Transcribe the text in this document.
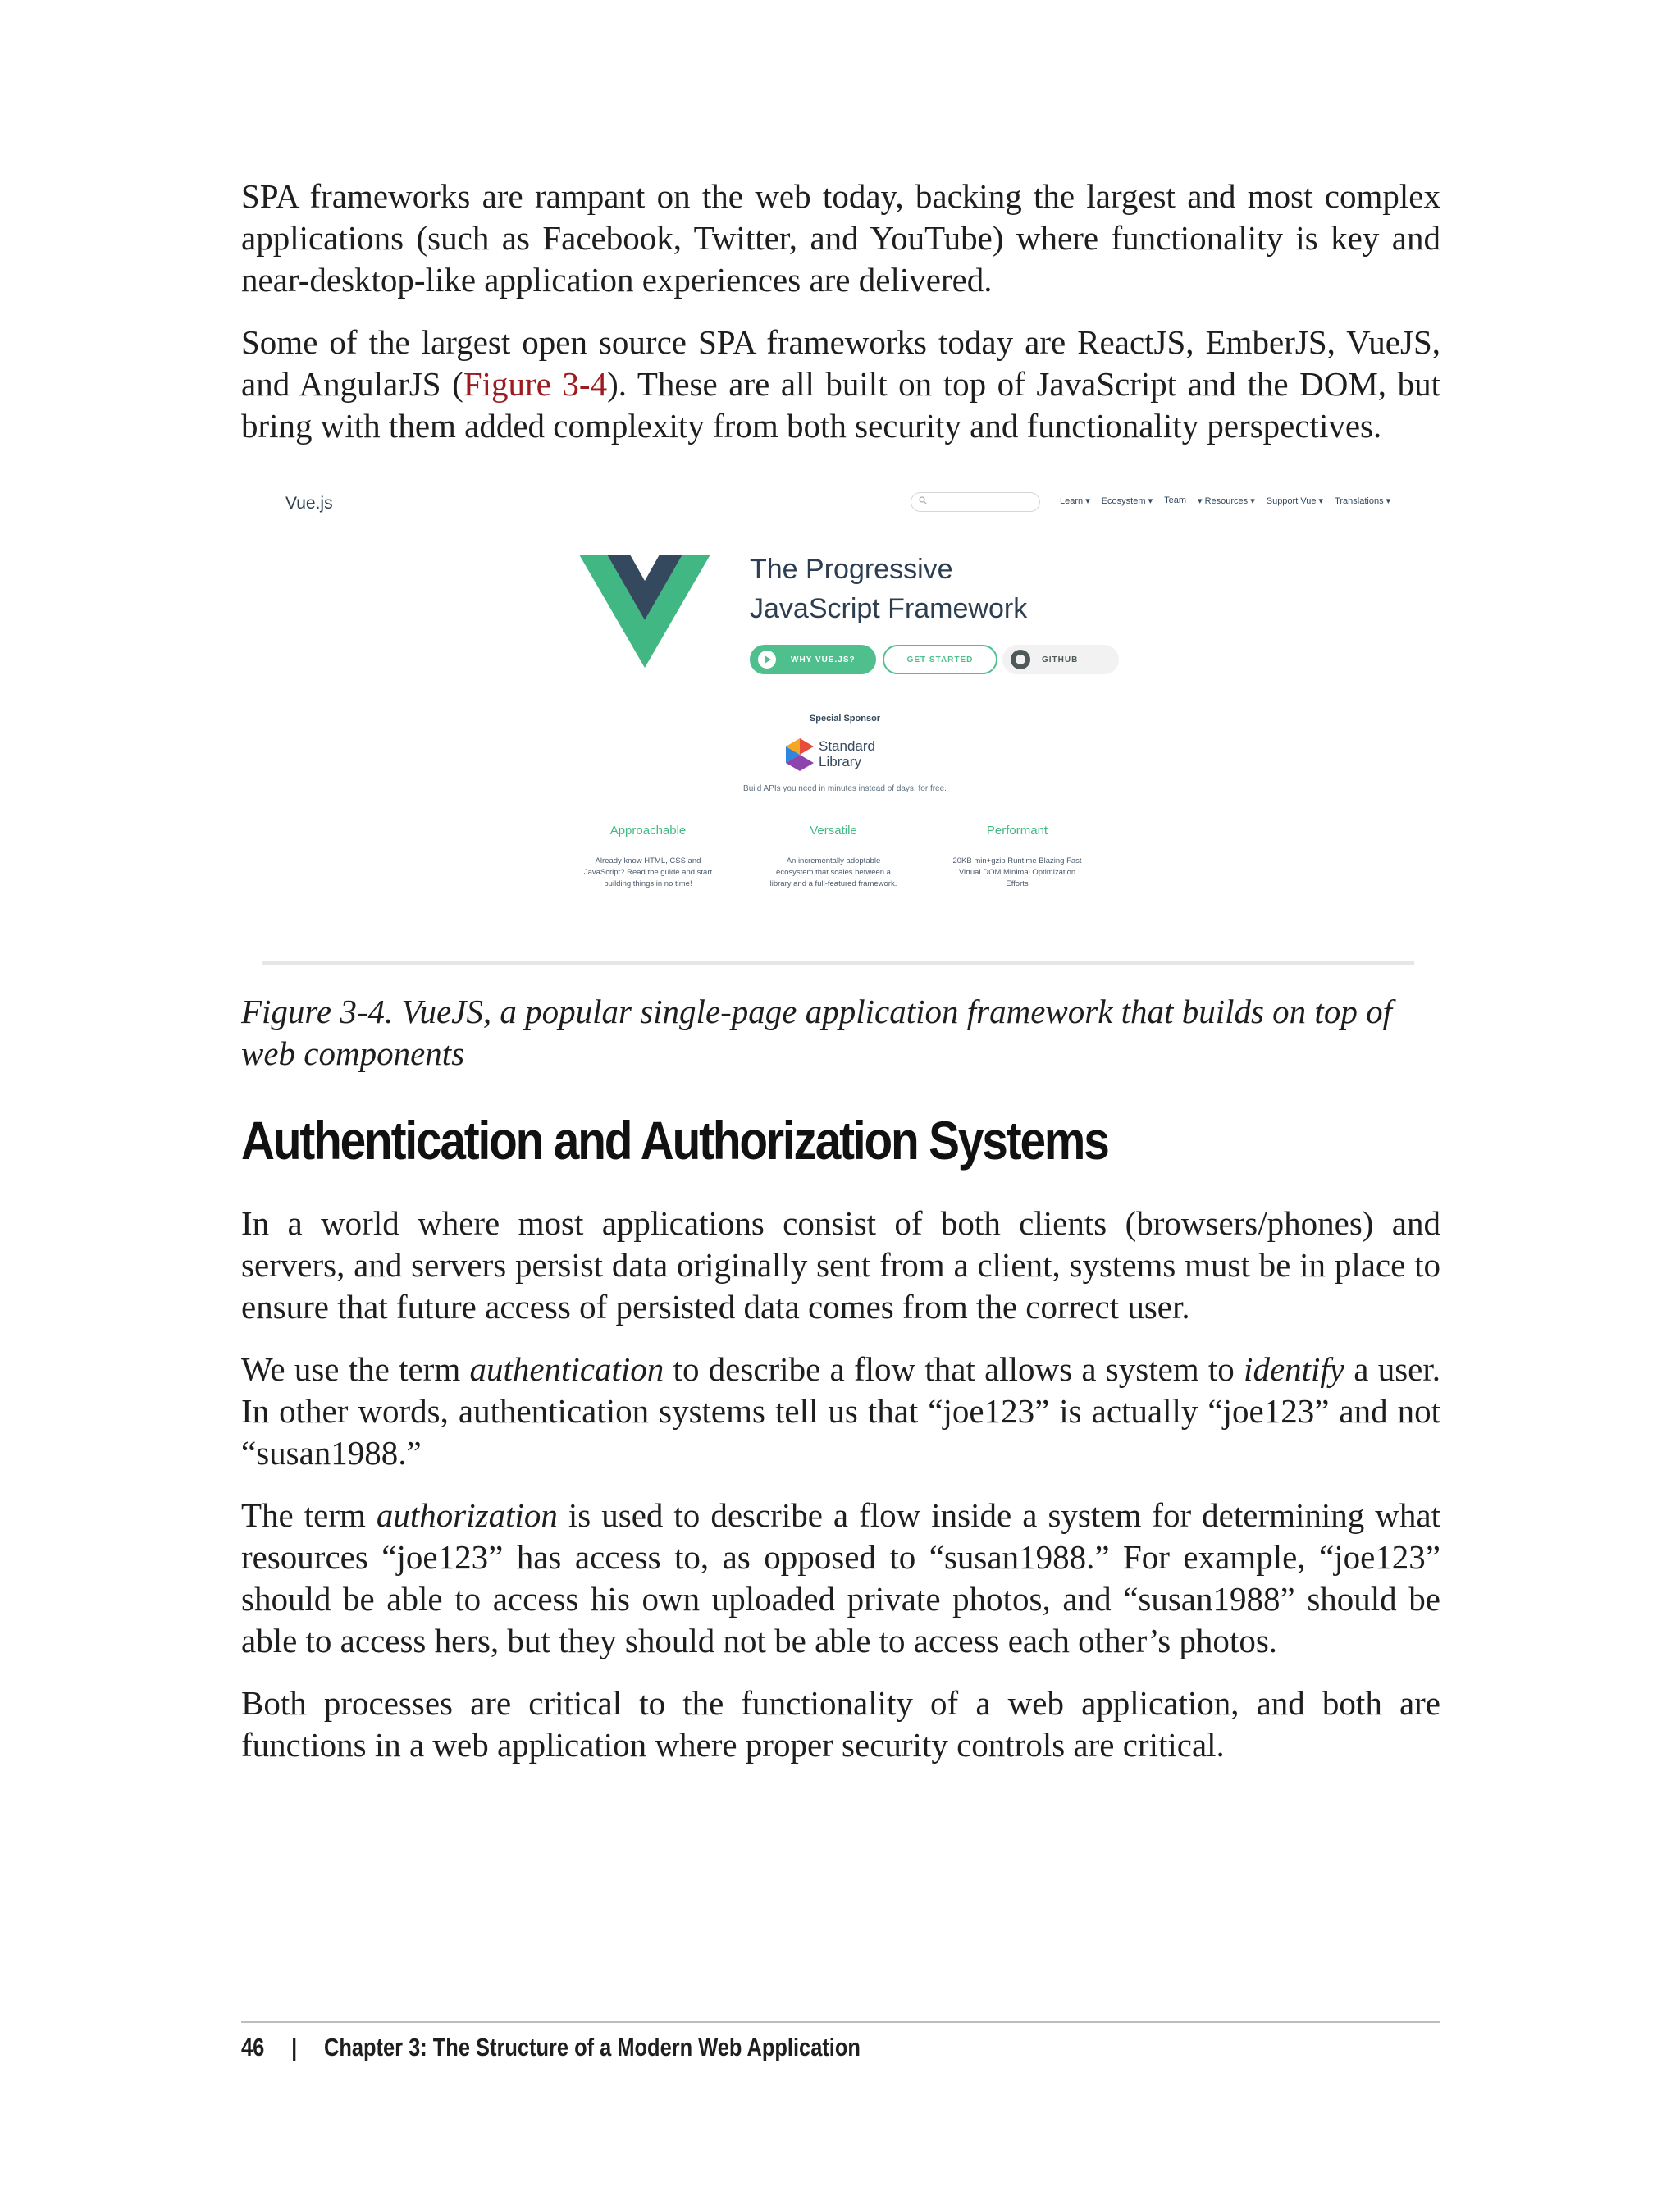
SPA frameworks are rampant on the web today, backing the largest and most complex applications (such as Facebook, Twitter, and YouTube) where functionality is key and near-desktop-like application experiences are delivered.

Some of the largest open source SPA frameworks today are ReactJS, EmberJS, VueJS, and AngularJS (Figure 3-4). These are all built on top of JavaScript and the DOM, but bring with them added complexity from both security and functionality perspectives.

Vue.js	Learn ▾ Ecosystem ▾ Team ▾ Resources ▾ Support Vue ▾ Translations ▾
The Progressive
JavaScript Framework
WHY VUE.JS?	GET STARTED	GITHUB
Special Sponsor
Standard
Library
Build APIs you need in minutes instead of days, for free.
Approachable
Already know HTML, CSS and JavaScript? Read the guide and start building things in no time!
Versatile
An incrementally adoptable ecosystem that scales between a library and a full-featured framework.
Performant
20KB min+gzip Runtime Blazing Fast Virtual DOM Minimal Optimization Efforts

Figure 3-4. VueJS, a popular single-page application framework that builds on top of web components

Authentication and Authorization Systems

In a world where most applications consist of both clients (browsers/phones) and servers, and servers persist data originally sent from a client, systems must be in place to ensure that future access of persisted data comes from the correct user.

We use the term authentication to describe a flow that allows a system to identify a user. In other words, authentication systems tell us that “joe123” is actually “joe123” and not “susan1988.”

The term authorization is used to describe a flow inside a system for determining what resources “joe123” has access to, as opposed to “susan1988.” For example, “joe123” should be able to access his own uploaded private photos, and “susan1988” should be able to access hers, but they should not be able to access each other’s photos.

Both processes are critical to the functionality of a web application, and both are functions in a web application where proper security controls are critical.

46 | Chapter 3: The Structure of a Modern Web Application
